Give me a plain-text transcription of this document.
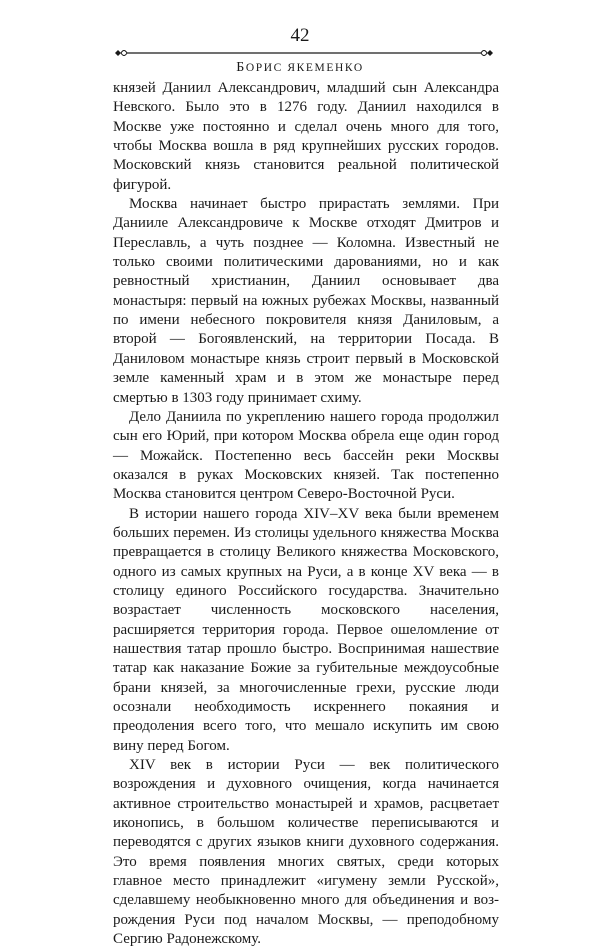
42
БОРИС ЯКЕМЕНКО

князей Даниил Александрович, младший сын Александра Невского. Было это в 1276 году. Даниил находился в Москве уже постоянно и сделал очень много для того, чтобы Москва вошла в ряд крупнейших русских городов. Московский князь становится реальной политической фигурой.

Москва начинает быстро прирастать землями. При Данииле Александровиче к Москве отходят Дмитров и Переславль, а чуть позднее — Коломна. Известный не только своими политическими дарованиями, но и как ревностный христианин, Даниил основывает два монастыря: первый на южных рубежах Москвы, названный по имени небесного покровителя князя Даниловым, а второй — Богоявленский, на территории Посада. В Даниловом монастыре князь строит первый в Московской земле каменный храм и в этом же монастыре перед смертью в 1303 году принимает схиму.

Дело Даниила по укреплению нашего города продолжил сын его Юрий, при котором Москва обрела еще один город — Можайск. Постепенно весь бассейн реки Москвы оказался в руках Московских князей. Так постепенно Москва становится центром Северо-Восточной Руси.

В истории нашего города XIV–XV века были временем больших перемен. Из столицы удельного княжества Москва превращается в столицу Великого княжества Московского, одного из самых крупных на Руси, а в конце XV века — в столицу единого Российского государства. Значительно возрастает численность московского населения, расширяется территория города. Первое ошеломление от нашествия татар прошло быстро. Воспринимая нашествие татар как наказание Божие за губительные междоусобные брани князей, за многочисленные грехи, русские люди осознали необходимость искреннего покаяния и преодоления всего того, что мешало искупить им свою вину перед Богом.

XIV век в истории Руси — век политического возрождения и духовного очищения, когда начинается активное строительство монастырей и храмов, расцветает иконопись, в большом количестве переписываются и переводятся с других языков книги духовного содержания. Это время появления многих святых, среди которых главное место принадлежит «игумену земли Русской», сделавшему необыкновенно много для объединения и возрождения Руси под началом Москвы, — преподобному Сергию Радонежскому.
